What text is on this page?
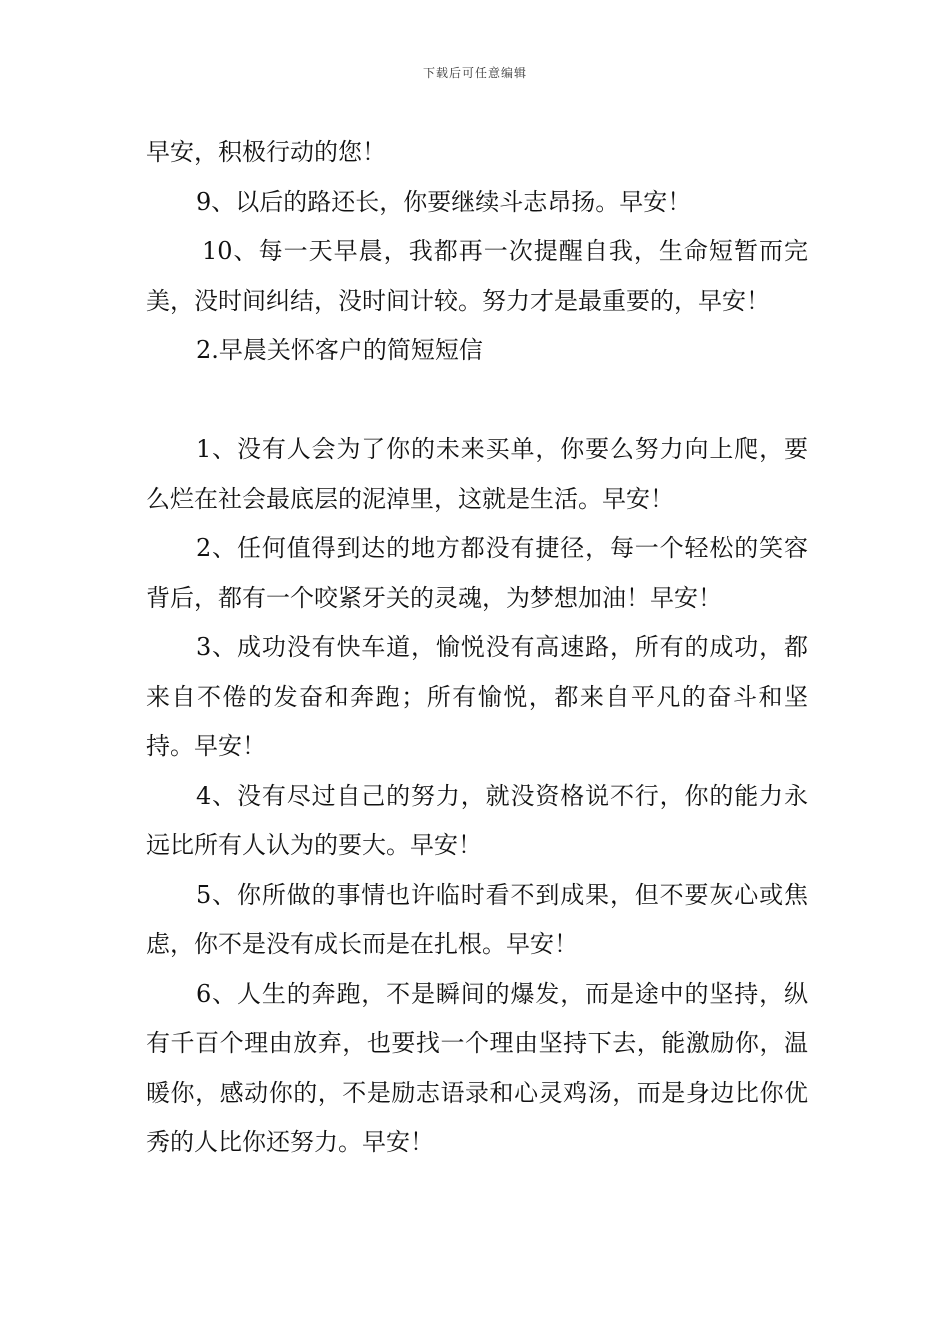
下载后可任意编辑

早安，积极行动的您！

9、以后的路还长，你要继续斗志昂扬。早安！

10、每一天早晨，我都再一次提醒自我，生命短暂而完美，没时间纠结，没时间计较。努力才是最重要的，早安！

2.早晨关怀客户的简短短信

1、没有人会为了你的未来买单，你要么努力向上爬，要么烂在社会最底层的泥淖里，这就是生活。早安！

2、任何值得到达的地方都没有捷径，每一个轻松的笑容背后，都有一个咬紧牙关的灵魂，为梦想加油！早安！

3、成功没有快车道，愉悦没有高速路，所有的成功，都来自不倦的发奋和奔跑；所有愉悦，都来自平凡的奋斗和坚持。早安！

4、没有尽过自己的努力，就没资格说不行，你的能力永远比所有人认为的要大。早安！

5、你所做的事情也许临时看不到成果，但不要灰心或焦虑，你不是没有成长而是在扎根。早安！

6、人生的奔跑，不是瞬间的爆发，而是途中的坚持，纵有千百个理由放弃，也要找一个理由坚持下去，能激励你，温暖你，感动你的，不是励志语录和心灵鸡汤，而是身边比你优秀的人比你还努力。早安！
